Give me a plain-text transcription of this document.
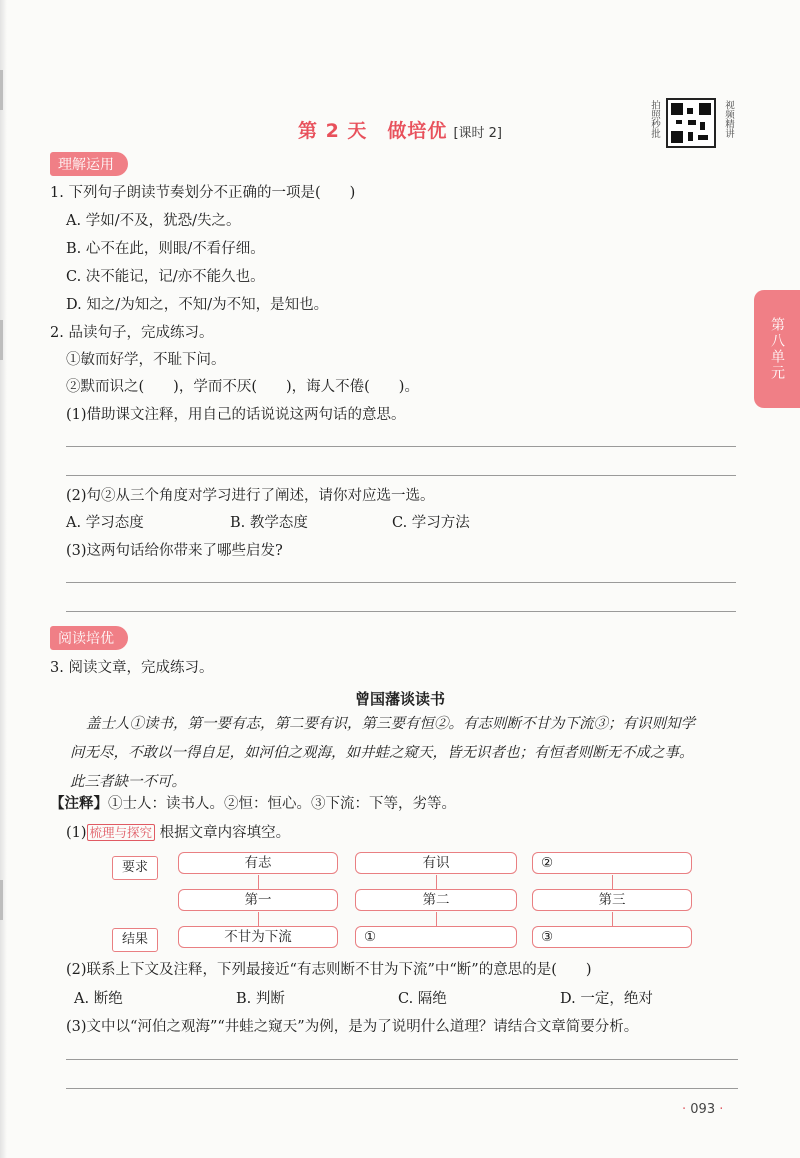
第 2 天　做培优 [课时 2]	拍照秒批	视频精讲
第八单元
理解运用
1. 下列句子朗读节奏划分不正确的一项是(　　)
A. 学如/不及，犹恐/失之。
B. 心不在此，则眼/不看仔细。
C. 决不能记，记/亦不能久也。
D. 知之/为知之，不知/为不知，是知也。
2. 品读句子，完成练习。
①敏而好学，不耻下问。
②默而识之(　　)，学而不厌(　　)，诲人不倦(　　)。
(1)借助课文注释，用自己的话说说这两句话的意思。
(2)句②从三个角度对学习进行了阐述，请你对应选一选。
A. 学习态度	B. 教学态度	C. 学习方法
(3)这两句话给你带来了哪些启发?
阅读培优
3. 阅读文章，完成练习。
曾国藩谈读书
盖士人①读书，第一要有志，第二要有识，第三要有恒②。有志则断不甘为下流③；有识则知学
问无尽，不敢以一得自足，如河伯之观海，如井蛙之窥天，皆无识者也；有恒者则断无不成之事。
此三者缺一不可。
【注释】①士人：读书人。②恒：恒心。③下流：下等，劣等。
(1) 梳理与探究 根据文章内容填空。
要求
结果
有志	有识	②
第一	第二	第三
不甘为下流	①	③
(2)联系上下文及注释，下列最接近“有志则断不甘为下流”中“断”的意思的是(　　)
A. 断绝	B. 判断	C. 隔绝	D. 一定，绝对
(3)文中以“河伯之观海”“井蛙之窥天”为例，是为了说明什么道理？请结合文章简要分析。
· 093 ·
